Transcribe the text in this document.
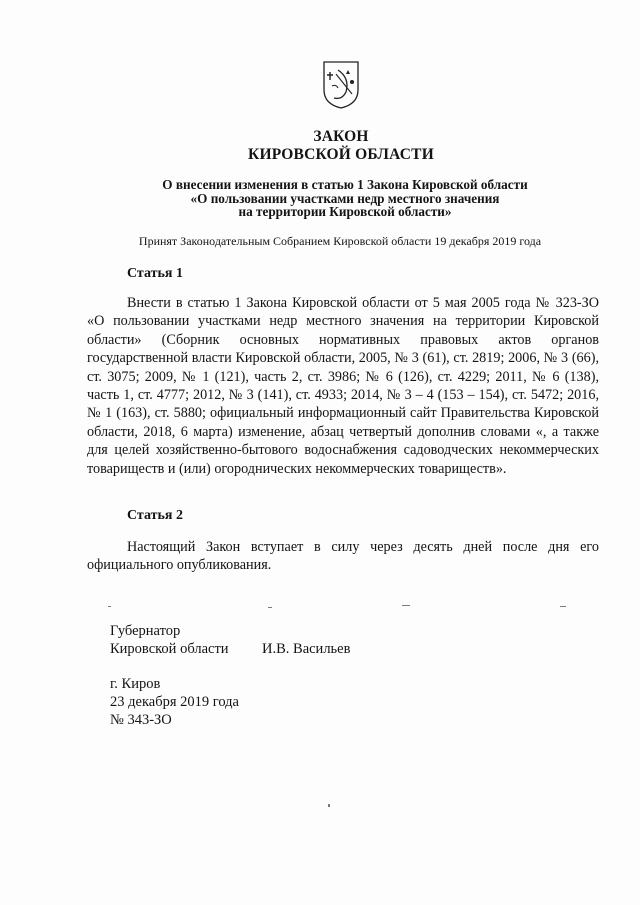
ЗАКОН
КИРОВСКОЙ ОБЛАСТИ
О внесении изменения в статью 1 Закона Кировской области
«О пользовании участками недр местного значения
на территории Кировской области»
Принят Законодательным Собранием Кировской области 19 декабря 2019 года
Статья 1
Внести в статью 1 Закона Кировской области от 5 мая 2005 года № 323-ЗО «О пользовании участками недр местного значения на территории Кировской области» (Сборник основных нормативных правовых актов органов государственной власти Кировской области, 2005, № 3 (61), ст. 2819; 2006, № 3 (66), ст. 3075; 2009, № 1 (121), часть 2, ст. 3986; № 6 (126), ст. 4229; 2011, № 6 (138), часть 1, ст. 4777; 2012, № 3 (141), ст. 4933; 2014, № 3 – 4 (153 – 154), ст. 5472; 2016, № 1 (163), ст. 5880; официальный информационный сайт Правительства Кировской области, 2018, 6 марта) изменение, абзац четвертый дополнив словами «, а также для целей хозяйственно-бытового водоснабжения садоводческих некоммерческих товариществ и (или) огороднических некоммерческих товариществ».
Статья 2
Настоящий Закон вступает в силу через десять дней после дня его официального опубликования.
Губернатор
Кировской области И.В. Васильев
г. Киров
23 декабря 2019 года
№ 343-ЗО
